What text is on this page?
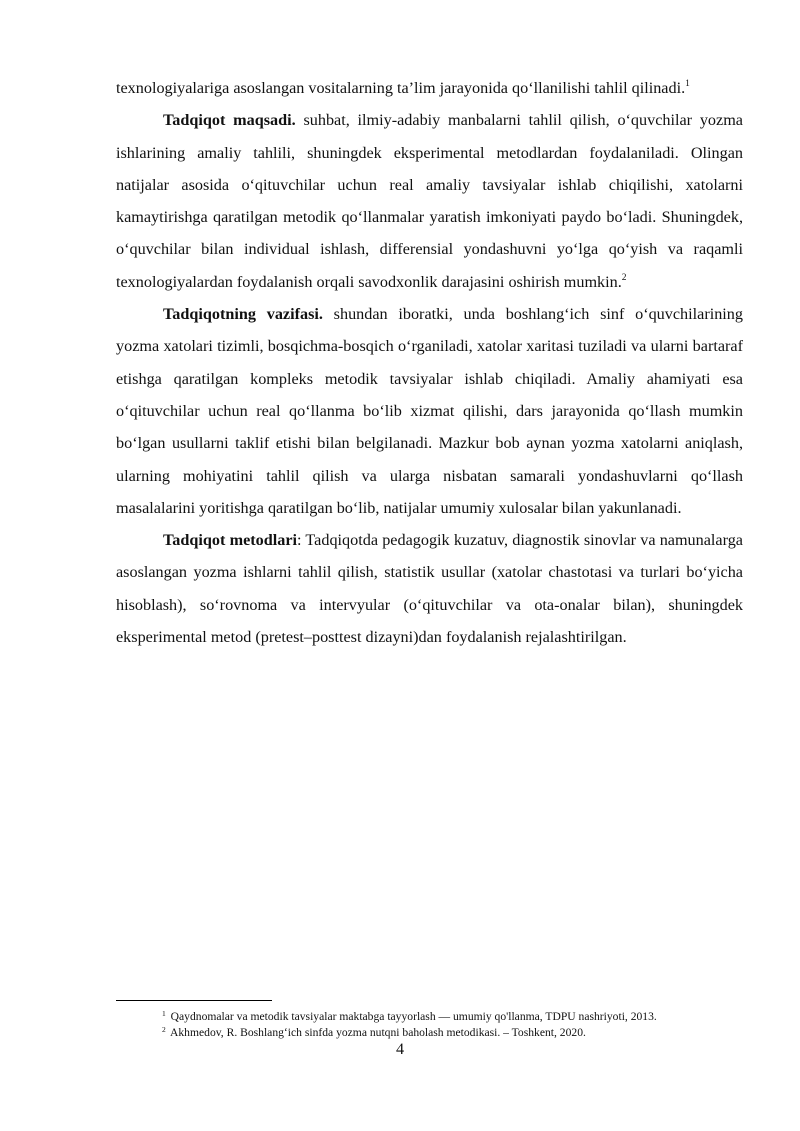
texnologiyalariga asoslangan vositalarning ta’lim jarayonida qo‘llanilishi tahlil qilinadi.$^1$

Tadqiqot maqsadi. suhbat, ilmiy-adabiy manbalarni tahlil qilish, o‘quvchilar yozma ishlarining amaliy tahlili, shuningdek eksperimental metodlardan foydalaniladi. Olingan natijalar asosida o‘qituvchilar uchun real amaliy tavsiyalar ishlab chiqilishi, xatolarni kamaytirishga qaratilgan metodik qo‘llanmalar yaratish imkoniyati paydo bo‘ladi. Shuningdek, o‘quvchilar bilan individual ishlash, differensial yondashuvni yo‘lga qo‘yish va raqamli texnologiyalardan foydalanish orqali savodxonlik darajasini oshirish mumkin.$^2$

Tadqiqotning vazifasi. shundan iboratki, unda boshlang‘ich sinf o‘quvchilarining yozma xatolari tizimli, bosqichma-bosqich o‘rganiladi, xatolar xaritasi tuziladi va ularni bartaraf etishga qaratilgan kompleks metodik tavsiyalar ishlab chiqiladi. Amaliy ahamiyati esa o‘qituvchilar uchun real qo‘llanma bo‘lib xizmat qilishi, dars jarayonida qo‘llash mumkin bo‘lgan usullarni taklif etishi bilan belgilanadi. Mazkur bob aynan yozma xatolarni aniqlash, ularning mohiyatini tahlil qilish va ularga nisbatan samarali yondashuvlarni qo‘llash masalalarini yoritishga qaratilgan bo‘lib, natijalar umumiy xulosalar bilan yakunlanadi.

Tadqiqot metodlari: Tadqiqotda pedagogik kuzatuv, diagnostik sinovlar va namunalarga asoslangan yozma ishlarni tahlil qilish, statistik usullar (xatolar chastotasi va turlari bo‘yicha hisoblash), so‘rovnoma va intervyular (o‘qituvchilar va ota-onalar bilan), shuningdek eksperimental metod (pretest–posttest dizayni)dan foydalanish rejalashtirilgan.

$^1$ Qaydnomalar va metodik tavsiyalar maktabga tayyorlash — umumiy qo'llanma, TDPU nashriyoti, 2013.
$^2$ Akhmedov, R. Boshlang‘ich sinfda yozma nutqni baholash metodikasi. – Toshkent, 2020.
4
